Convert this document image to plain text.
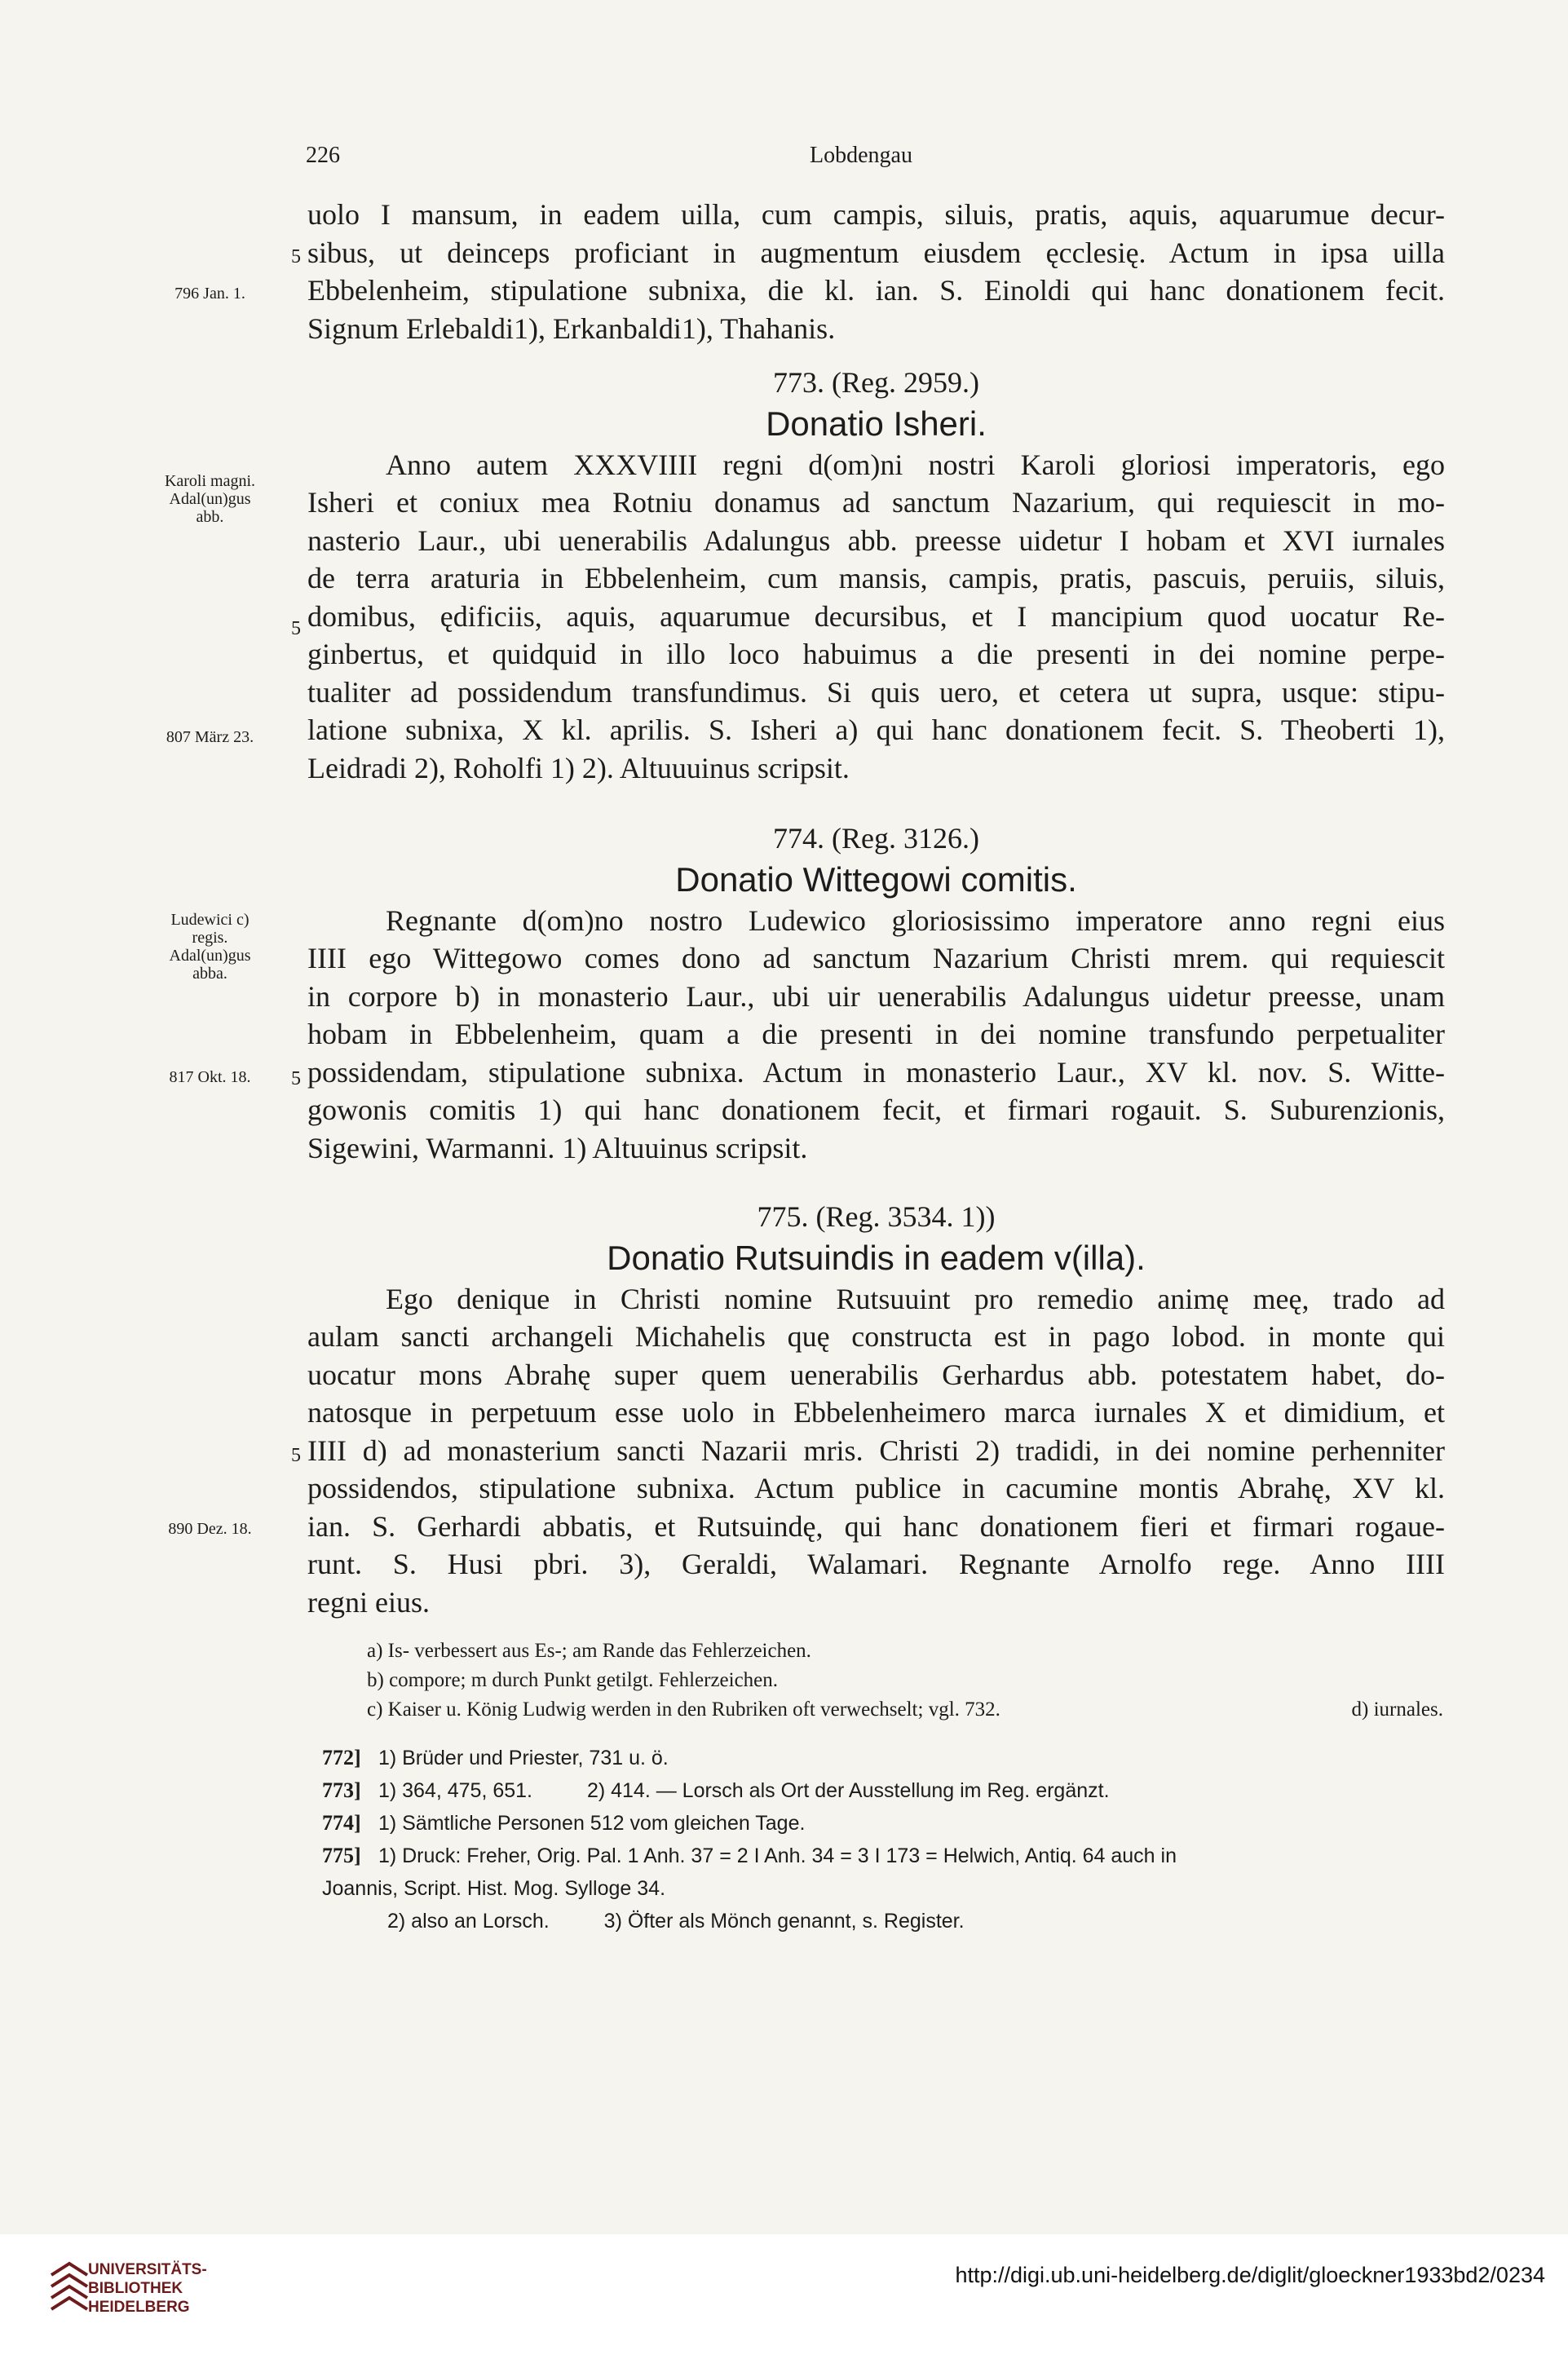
226	Lobdengau
796 Jan. 1.
Karoli magni.
Adal(un)gus
abb.
807 März 23.
Ludewici c)
regis.
Adal(un)gus
abba.
817 Okt. 18.
890 Dez. 18.
5
5
5
5
uolo I mansum, in eadem uilla, cum campis, siluis, pratis, aquis, aquarumue decur-
sibus, ut deinceps proficiant in augmentum eiusdem ęcclesię. Actum in ipsa uilla
Ebbelenheim, stipulatione subnixa, die kl. ian. S. Einoldi qui hanc donationem fecit.
Signum Erlebaldi1), Erkanbaldi1), Thahanis.
773. (Reg. 2959.)
Donatio Isheri.
Anno autem XXXVIIII regni d(om)ni nostri Karoli gloriosi imperatoris, ego
Isheri et coniux mea Rotniu donamus ad sanctum Nazarium, qui requiescit in mo-
nasterio Laur., ubi uenerabilis Adalungus abb. preesse uidetur I hobam et XVI iurnales
de terra araturia in Ebbelenheim, cum mansis, campis, pratis, pascuis, peruiis, siluis,
domibus, ędificiis, aquis, aquarumue decursibus, et I mancipium quod uocatur Re-
ginbertus, et quidquid in illo loco habuimus a die presenti in dei nomine perpe-
tualiter ad possidendum transfundimus. Si quis uero, et cetera ut supra, usque: stipu-
latione subnixa, X kl. aprilis. S. Isheri a) qui hanc donationem fecit. S. Theoberti 1),
Leidradi 2), Roholfi 1) 2). Altuuuinus scripsit.
774. (Reg. 3126.)
Donatio Wittegowi comitis.
Regnante d(om)no nostro Ludewico gloriosissimo imperatore anno regni eius
IIII ego Wittegowo comes dono ad sanctum Nazarium Christi mrem. qui requiescit
in corpore b) in monasterio Laur., ubi uir uenerabilis Adalungus uidetur preesse, unam
hobam in Ebbelenheim, quam a die presenti in dei nomine transfundo perpetualiter
possidendam, stipulatione subnixa. Actum in monasterio Laur., XV kl. nov. S. Witte-
gowonis comitis 1) qui hanc donationem fecit, et firmari rogauit. S. Suburenzionis,
Sigewini, Warmanni. 1) Altuuinus scripsit.
775. (Reg. 3534. 1))
Donatio Rutsuindis in eadem v(illa).
Ego denique in Christi nomine Rutsuuint pro remedio animę meę, trado ad
aulam sancti archangeli Michahelis quę constructa est in pago lobod. in monte qui
uocatur mons Abrahę super quem uenerabilis Gerhardus abb. potestatem habet, do-
natosque in perpetuum esse uolo in Ebbelenheimero marca iurnales X et dimidium, et
IIII d) ad monasterium sancti Nazarii mris. Christi 2) tradidi, in dei nomine perhenniter
possidendos, stipulatione subnixa. Actum publice in cacumine montis Abrahę, XV kl.
ian. S. Gerhardi abbatis, et Rutsuindę, qui hanc donationem fieri et firmari rogaue-
runt. S. Husi pbri. 3), Geraldi, Walamari. Regnante Arnolfo rege. Anno IIII
regni eius.
a) Is- verbessert aus Es-; am Rande das Fehlerzeichen.
b) compore; m durch Punkt getilgt. Fehlerzeichen.
c) Kaiser u. König Ludwig werden in den Rubriken oft verwechselt; vgl. 732.	d) iurnales.
772] 1) Brüder und Priester, 731 u. ö.
773] 1) 364, 475, 651.	2) 414. — Lorsch als Ort der Ausstellung im Reg. ergänzt.
774] 1) Sämtliche Personen 512 vom gleichen Tage.
775] 1) Druck: Freher, Orig. Pal. 1 Anh. 37 = 2 I Anh. 34 = 3 I 173 = Helwich, Antiq. 64 auch in
Joannis, Script. Hist. Mog. Sylloge 34.
2) also an Lorsch.	3) Öfter als Mönch genannt, s. Register.
UNIVERSITÄTS-
BIBLIOTHEK
HEIDELBERG
http://digi.ub.uni-heidelberg.de/diglit/gloeckner1933bd2/0234
